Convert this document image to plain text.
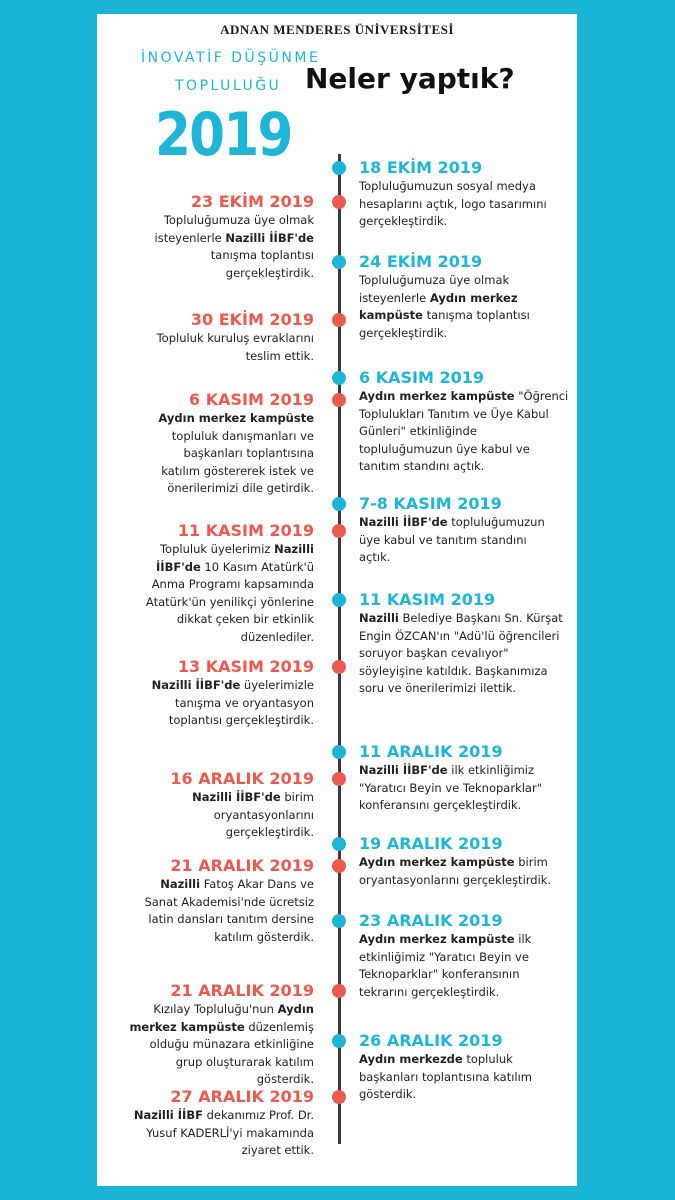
ADNAN MENDERES ÜNİVERSİTESİ
İNOVATİF DÜŞÜNME
TOPLULUĞU
2019
Neler yaptık?
18 EKİM 2019
Topluluğumuzun sosyal medya hesaplarını açtık, logo tasarımını gerçekleştirdik.
23 EKİM 2019
Topluluğumuza üye olmak isteyenlerle Nazilli İİBF'de tanışma toplantısı gerçekleştirdik.
24 EKİM 2019
Topluluğumuza üye olmak isteyenlerle Aydın merkez kampüste tanışma toplantısı gerçekleştirdik.
30 EKİM 2019
Topluluk kuruluş evraklarını teslim ettik.
6 KASIM 2019
Aydın merkez kampüste "Öğrenci Toplulukları Tanıtım ve Üye Kabul Günleri" etkinliğinde topluluğumuzun üye kabul ve tanıtım standını açtık.
6 KASIM 2019
Aydın merkez kampüste topluluk danışmanları ve başkanları toplantısına katılım göstererek istek ve önerilerimizi dile getirdik.
7-8 KASIM 2019
Nazilli İİBF'de topluluğumuzun üye kabul ve tanıtım standını açtık.
11 KASIM 2019
Topluluk üyelerimiz Nazilli İİBF'de 10 Kasım Atatürk'ü Anma Programı kapsamında Atatürk'ün yenilikçi yönlerine dikkat çeken bir etkinlik düzenlediler.
11 KASIM 2019
Nazilli Belediye Başkanı Sn. Kürşat Engin ÖZCAN'ın "Adü'lü öğrencileri soruyor başkan cevalıyor" söyleyişine katıldık. Başkanımıza soru ve önerilerimizi ilettik.
13 KASIM 2019
Nazilli İİBF'de üyelerimizle tanışma ve oryantasyon toplantısı gerçekleştirdik.
11 ARALIK 2019
Nazilli İİBF'de ilk etkinliğimiz "Yaratıcı Beyin ve Teknoparklar" konferansını gerçekleştirdik.
16 ARALIK 2019
Nazilli İİBF'de birim oryantasyonlarını gerçekleştirdik.
19 ARALIK 2019
Aydın merkez kampüste birim oryantasyonlarını gerçekleştirdik.
21 ARALIK 2019
Nazilli Fatoş Akar Dans ve Sanat Akademisi'nde ücretsiz latin dansları tanıtım dersine katılım gösterdik.
23 ARALIK 2019
Aydın merkez kampüste ilk etkinliğimiz "Yaratıcı Beyin ve Teknoparklar" konferansının tekrarını gerçekleştirdik.
21 ARALIK 2019
Kızılay Topluluğu'nun Aydın merkez kampüste düzenlemiş olduğu münazara etkinliğine grup oluşturarak katılım gösterdik.
26 ARALIK 2019
Aydın merkezde topluluk başkanları toplantısına katılım gösterdik.
27 ARALIK 2019
Nazilli İİBF dekanımız Prof. Dr. Yusuf KADERLİ'yi makamında ziyaret ettik.
